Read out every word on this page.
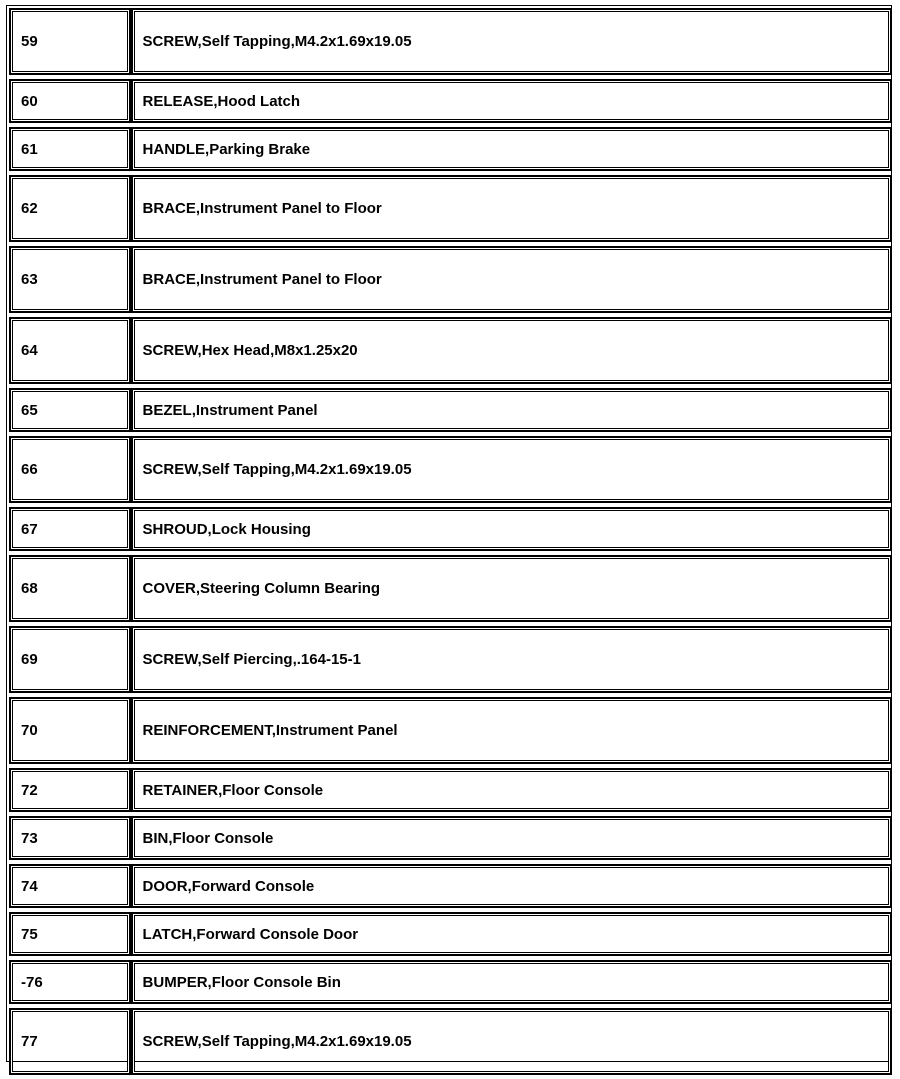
59	SCREW,Self Tapping,M4.2x1.69x19.05
60	RELEASE,Hood Latch
61	HANDLE,Parking Brake
62	BRACE,Instrument Panel to Floor
63	BRACE,Instrument Panel to Floor
64	SCREW,Hex Head,M8x1.25x20
65	BEZEL,Instrument Panel
66	SCREW,Self Tapping,M4.2x1.69x19.05
67	SHROUD,Lock Housing
68	COVER,Steering Column Bearing
69	SCREW,Self Piercing,.164-15-1
70	REINFORCEMENT,Instrument Panel
72	RETAINER,Floor Console
73	BIN,Floor Console
74	DOOR,Forward Console
75	LATCH,Forward Console Door
-76	BUMPER,Floor Console Bin
77	SCREW,Self Tapping,M4.2x1.69x19.05
